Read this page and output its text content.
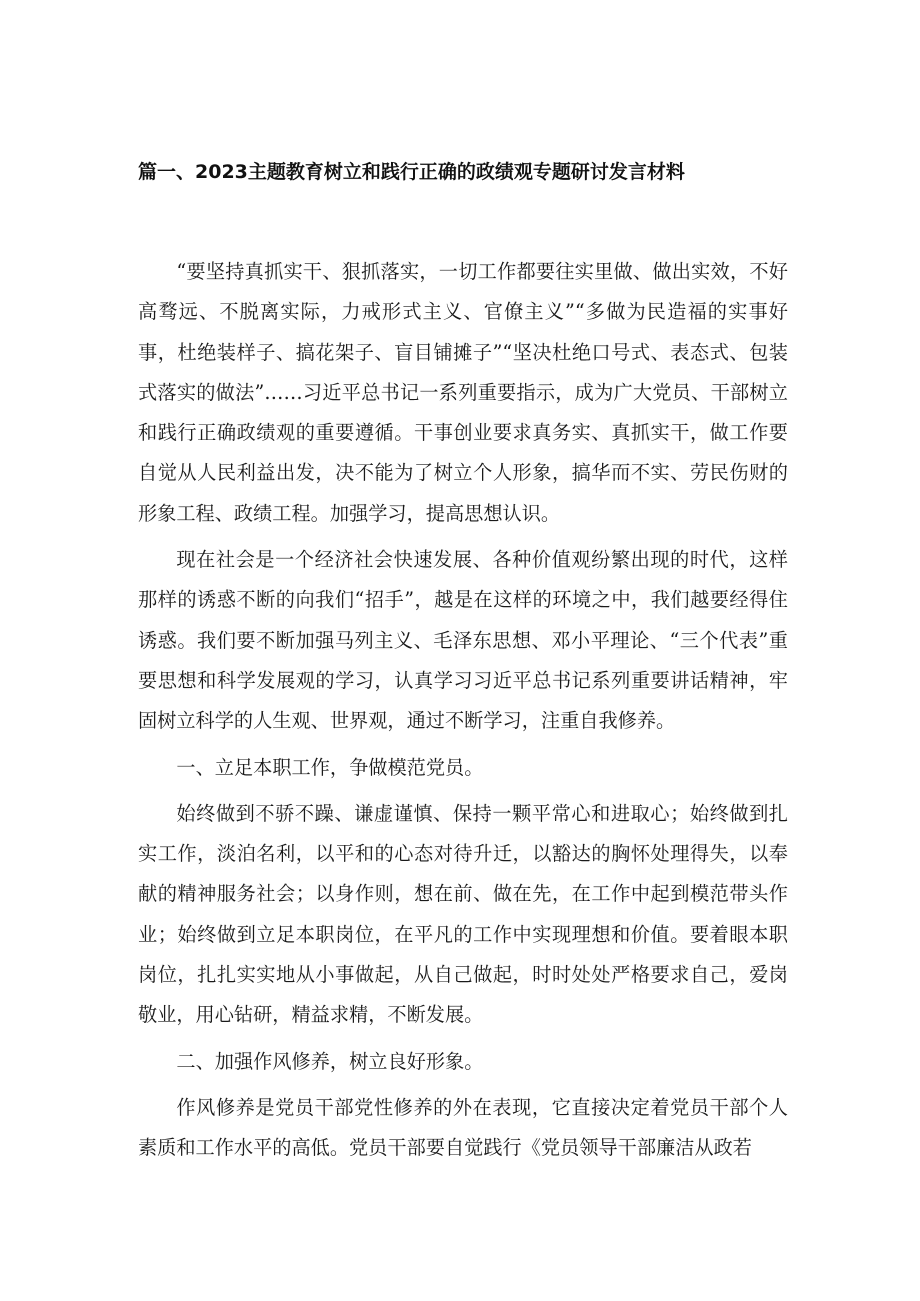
篇一、2023主题教育树立和践行正确的政绩观专题研讨发言材料

“要坚持真抓实干、狠抓落实，一切工作都要往实里做、做出实效，不好高骛远、不脱离实际，力戒形式主义、官僚主义”“多做为民造福的实事好事，杜绝装样子、搞花架子、盲目铺摊子”“坚决杜绝口号式、表态式、包装式落实的做法”……习近平总书记一系列重要指示，成为广大党员、干部树立和践行正确政绩观的重要遵循。干事创业要求真务实、真抓实干，做工作要自觉从人民利益出发，决不能为了树立个人形象，搞华而不实、劳民伤财的形象工程、政绩工程。加强学习，提高思想认识。

现在社会是一个经济社会快速发展、各种价值观纷繁出现的时代，这样那样的诱惑不断的向我们“招手”，越是在这样的环境之中，我们越要经得住诱惑。我们要不断加强马列主义、毛泽东思想、邓小平理论、“三个代表”重要思想和科学发展观的学习，认真学习习近平总书记系列重要讲话精神，牢固树立科学的人生观、世界观，通过不断学习，注重自我修养。

一、立足本职工作，争做模范党员。

始终做到不骄不躁、谦虚谨慎、保持一颗平常心和进取心；始终做到扎实工作，淡泊名利，以平和的心态对待升迁，以豁达的胸怀处理得失，以奉献的精神服务社会；以身作则，想在前、做在先，在工作中起到模范带头作业；始终做到立足本职岗位，在平凡的工作中实现理想和价值。要着眼本职岗位，扎扎实实地从小事做起，从自己做起，时时处处严格要求自己，爱岗敬业，用心钻研，精益求精，不断发展。

二、加强作风修养，树立良好形象。

作风修养是党员干部党性修养的外在表现，它直接决定着党员干部个人素质和工作水平的高低。党员干部要自觉践行《党员领导干部廉洁从政若
